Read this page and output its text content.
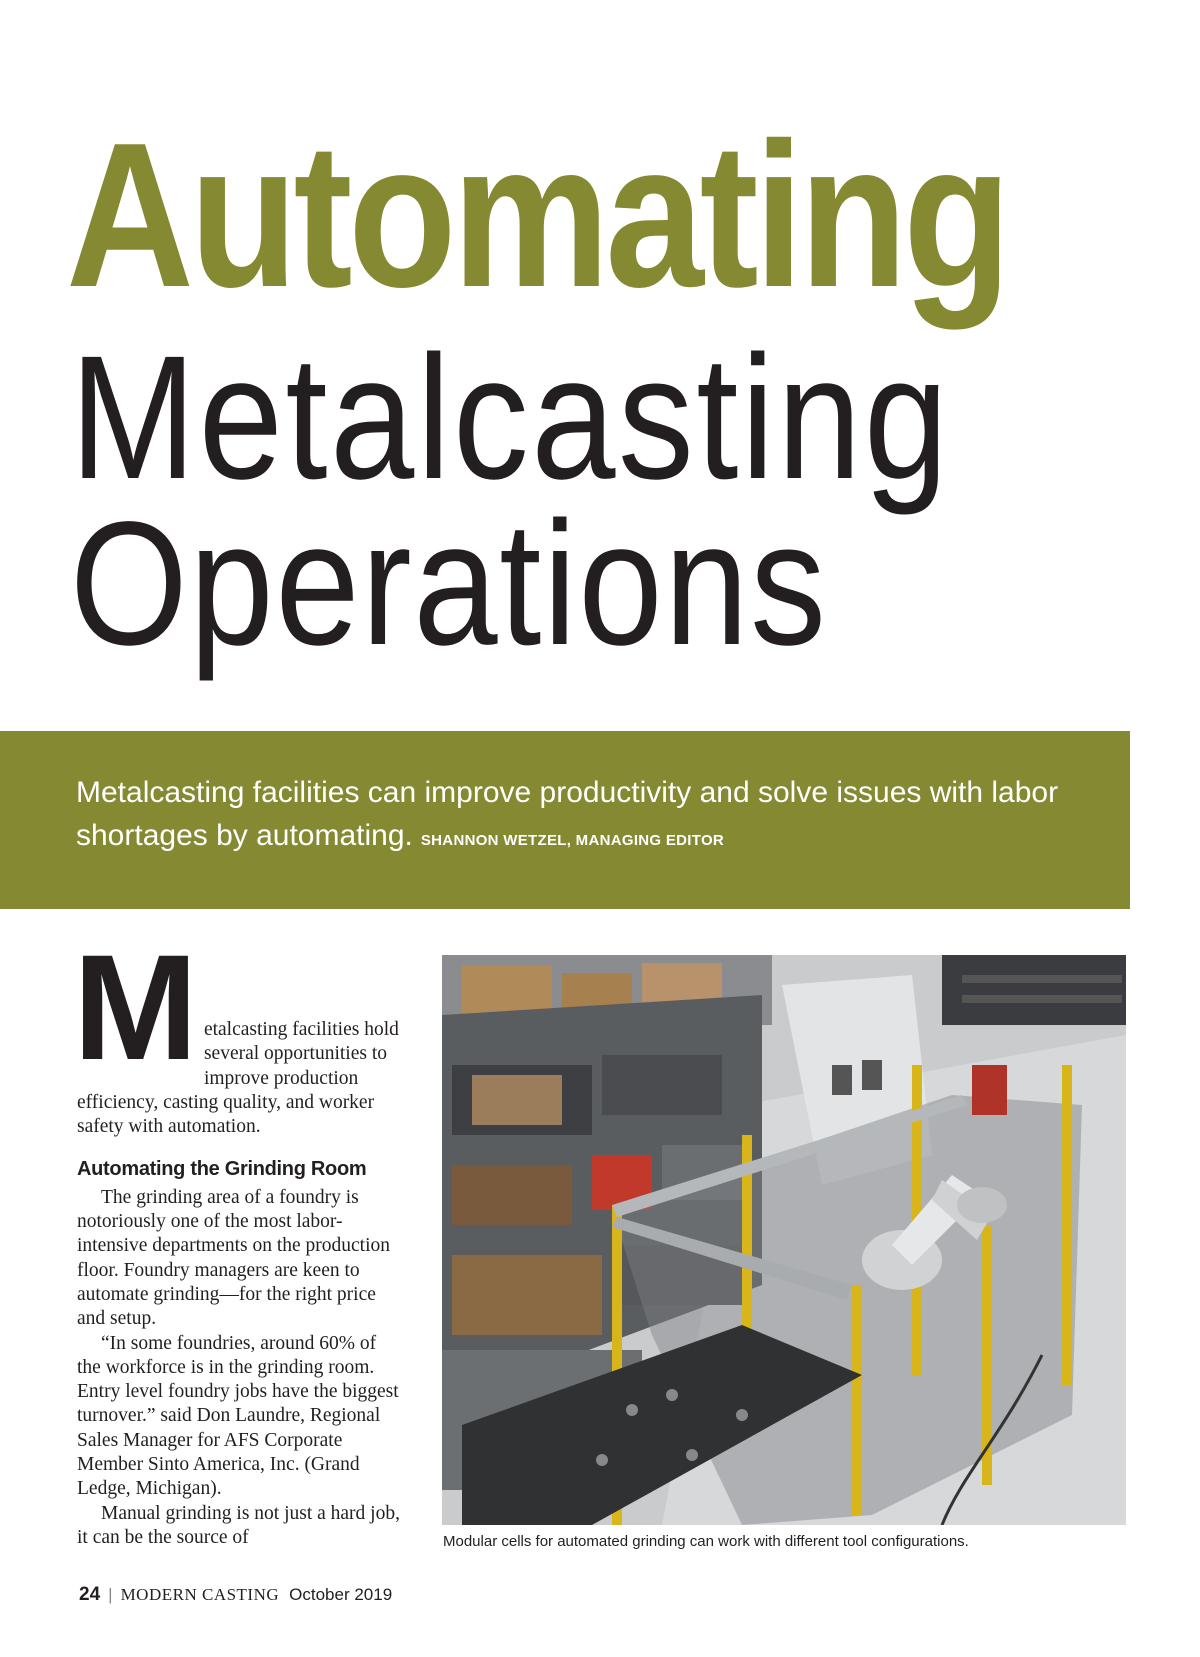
Automating
Metalcasting
Operations
Metalcasting facilities can improve productivity and solve issues with labor shortages by automating. SHANNON WETZEL, MANAGING EDITOR
M etalcasting facilities hold several opportunities to improve production efficiency, casting quality, and worker safety with automation.

Automating the Grinding Room

The grinding area of a foundry is notoriously one of the most labor-intensive departments on the production floor. Foundry managers are keen to automate grinding—for the right price and setup.

“In some foundries, around 60% of the workforce is in the grinding room. Entry level foundry jobs have the biggest turnover.” said Don Laundre, Regional Sales Manager for AFS Corporate Member Sinto America, Inc. (Grand Ledge, Michigan).

Manual grinding is not just a hard job, it can be the source of	Modular cells for automated grinding can work with different tool configurations.
24 | MODERN CASTING October 2019
